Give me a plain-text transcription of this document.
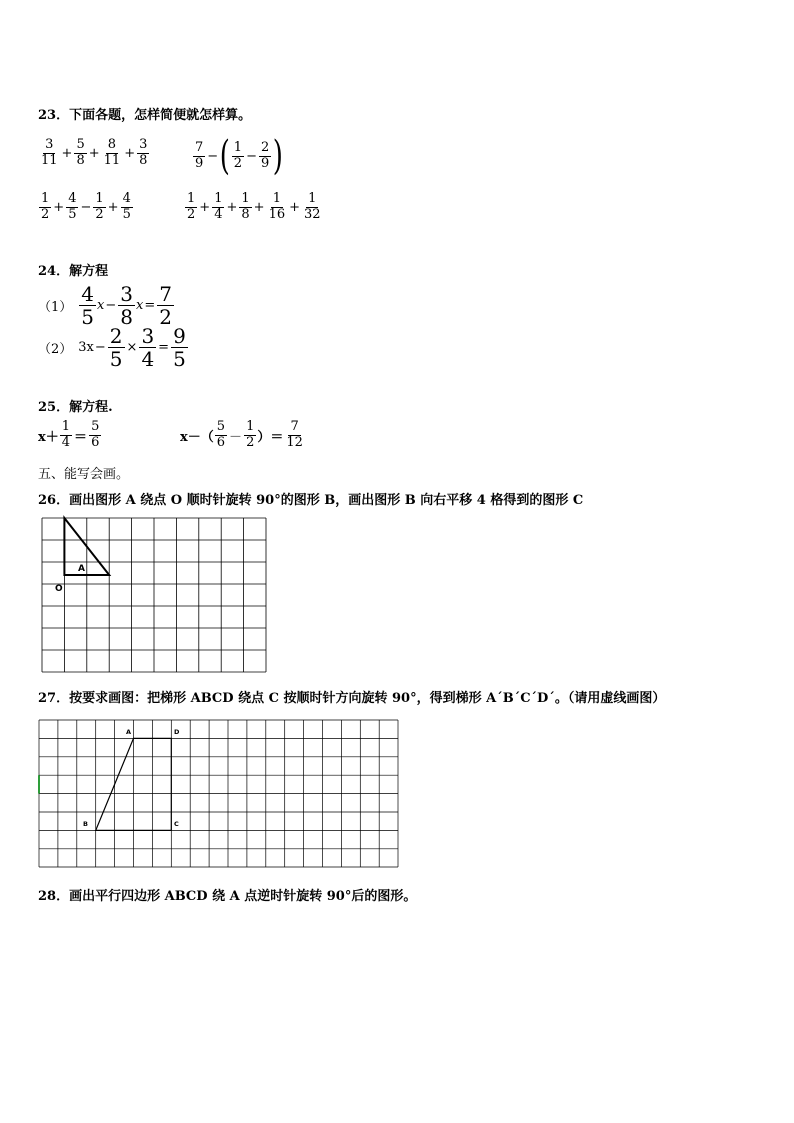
23．下面各题，怎样简便就怎样算。
$\frac{3}{11} + \frac{5}{8} + \frac{8}{11} + \frac{3}{8}$	$\frac{7}{9}$ − ( $\frac{1}{2} - \frac{2}{9}$ )
$\frac{1}{2} + \frac{4}{5} - \frac{1}{2} + \frac{4}{5}$	$\frac{1}{2} + \frac{1}{4} + \frac{1}{8} + \frac{1}{16} + \frac{1}{32}$
24．解方程
$(1) \frac{4}{5}$ $x - \frac{3}{8}$ $x = \frac{7}{2}$
（2） $3x - \frac{2}{5} \times \frac{3}{4} = \frac{9}{5}$
25．解方程.
$x+ \frac{1}{4} = \frac{5}{6}$	$x-( \frac{5}{6} - \frac{1}{2}$ ）＝ $\frac{7}{12}$
五、能写会画。
26．画出图形 A 绕点 O 顺时针旋转 90°的图形 B，画出图形 B 向右平移 4 格得到的图形 C
A
O
27．按要求画图：把梯形 ABCD 绕点 C 按顺时针方向旋转 90°，得到梯形 A´B´C´D´。（请用虚线画图）
A	D
B	C
28．画出平行四边形 ABCD 绕 A 点逆时针旋转 90°后的图形。
